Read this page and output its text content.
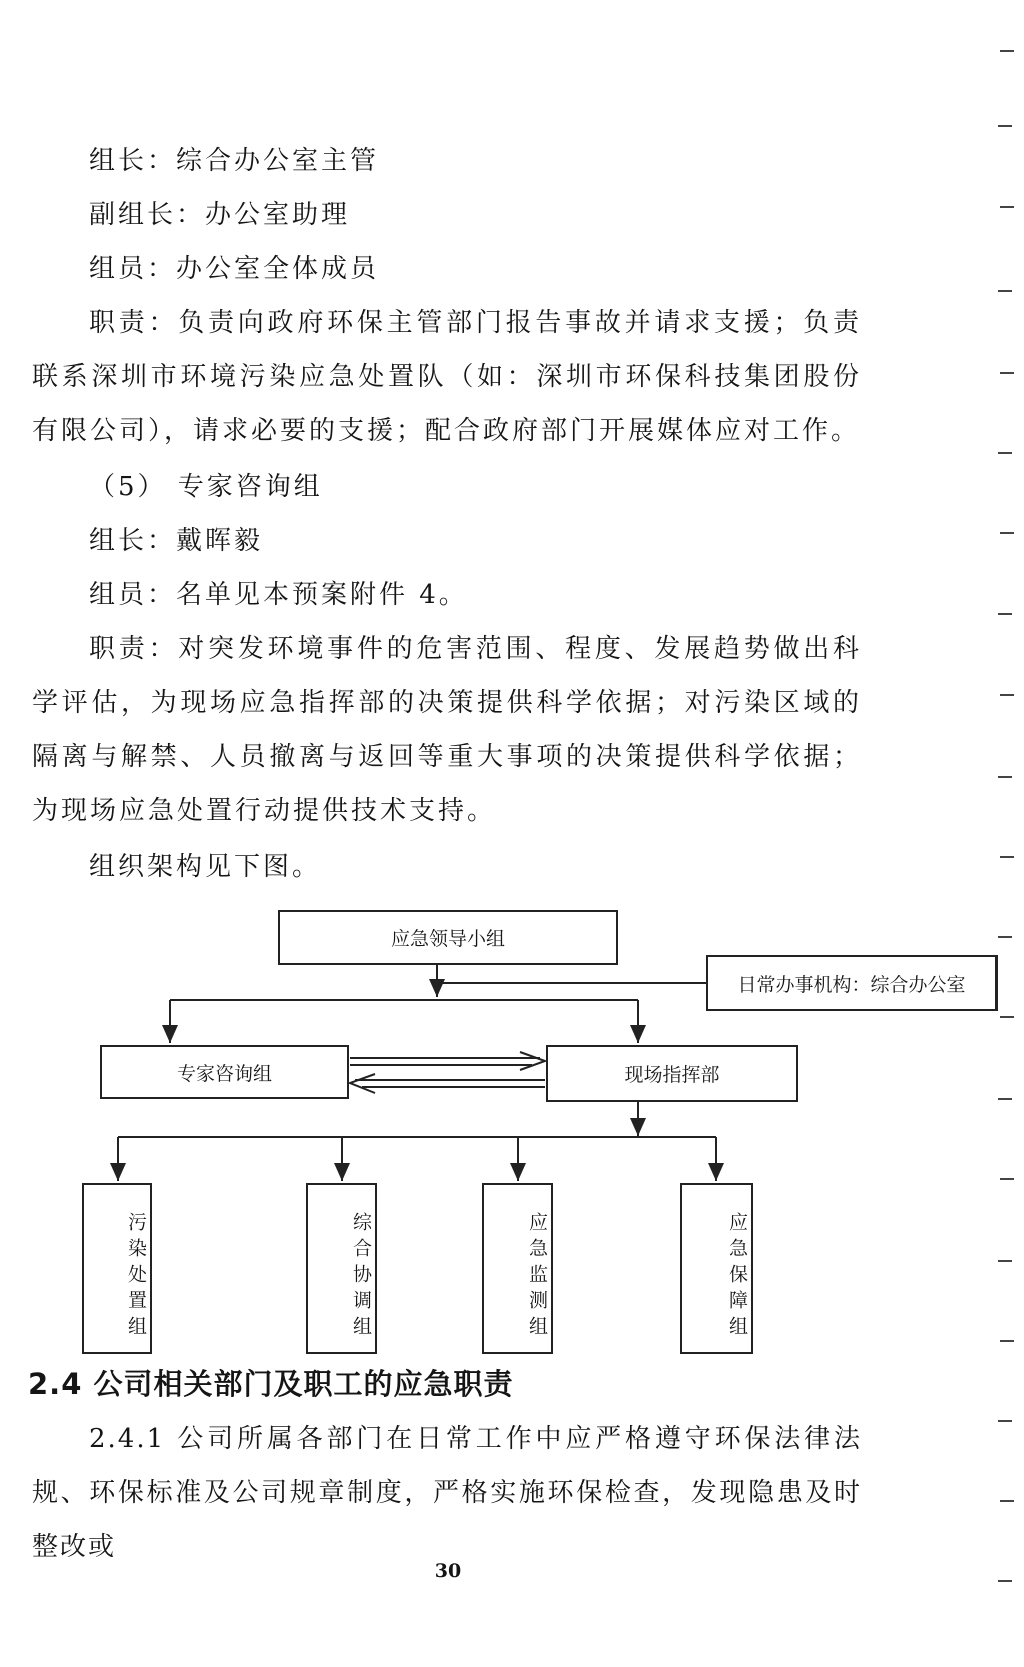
组长：综合办公室主管

副组长：办公室助理

组员：办公室全体成员

职责：负责向政府环保主管部门报告事故并请求支援；负责联系深圳市环境污染应急处置队（如：深圳市环保科技集团股份有限公司），请求必要的支援；配合政府部门开展媒体应对工作。

（5） 专家咨询组

组长：戴晖毅

组员：名单见本预案附件 4。

职责：对突发环境事件的危害范围、程度、发展趋势做出科学评估，为现场应急指挥部的决策提供科学依据；对污染区域的隔离与解禁、人员撤离与返回等重大事项的决策提供科学依据；为现场应急处置行动提供技术支持。

组织架构见下图。

应急领导小组
日常办事机构：综合办公室
专家咨询组	现场指挥部
污染处置组	综合协调组	应急监测组	应急保障组
2.4 公司相关部门及职工的应急职责

2.4.1 公司所属各部门在日常工作中应严格遵守环保法律法规、环保标准及公司规章制度，严格实施环保检查，发现隐患及时整改或

30
